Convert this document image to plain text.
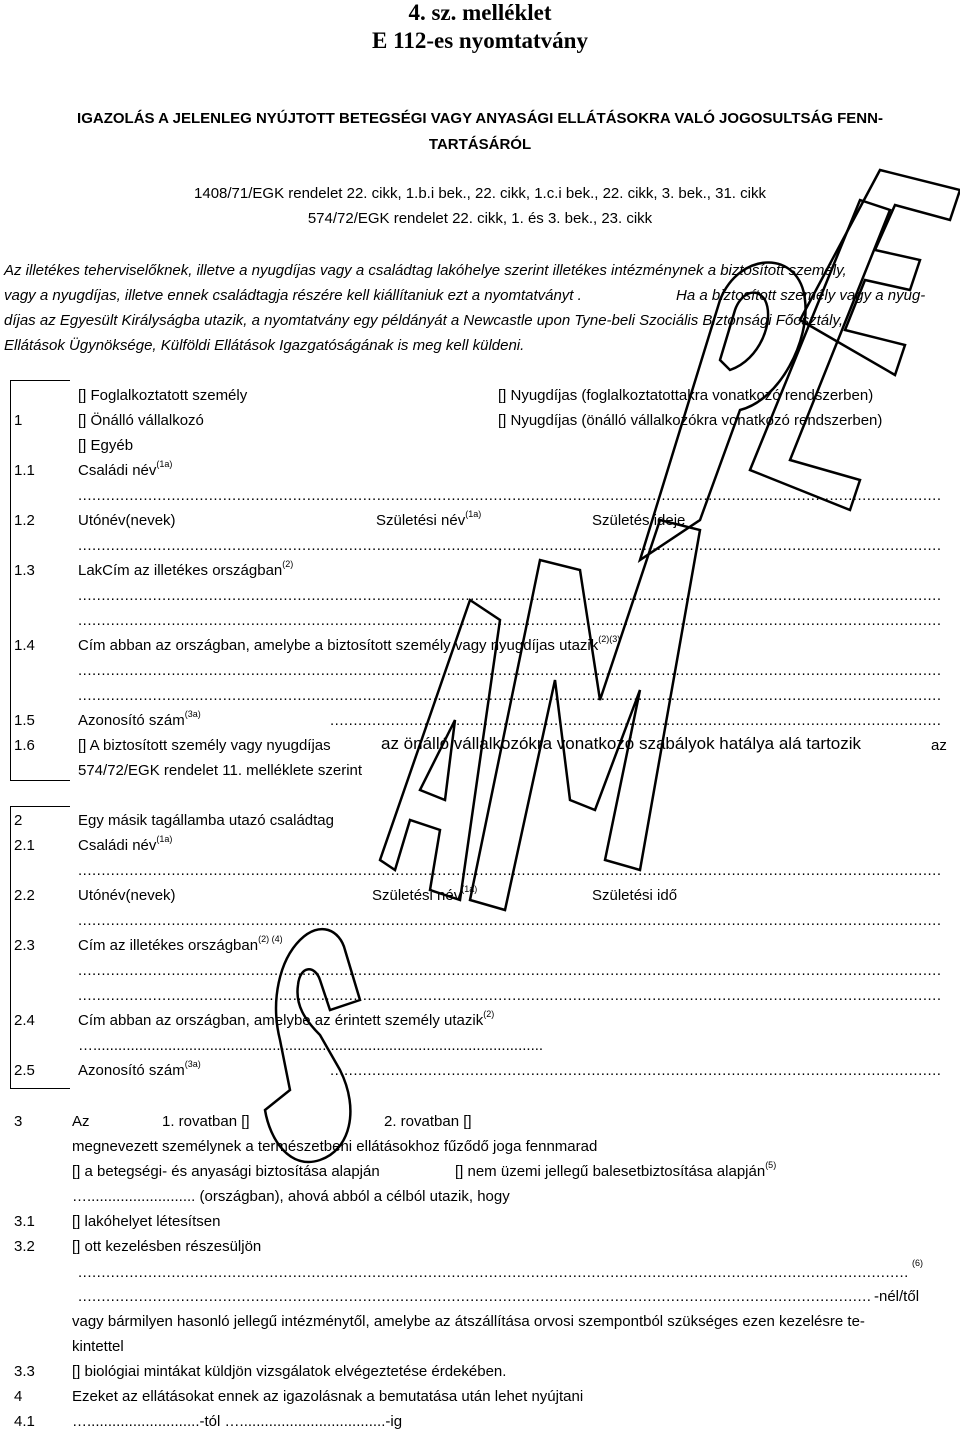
4. sz. melléklet
E 112-es nyomtatvány
IGAZOLÁS A JELENLEG NYÚJTOTT BETEGSÉGI VAGY ANYASÁGI ELLÁTÁSOKRA VALÓ JOGOSULTSÁG FENN-
TARTÁSÁRÓL
1408/71/EGK rendelet 22. cikk, 1.b.i bek., 22. cikk, 1.c.i bek., 22. cikk, 3. bek., 31. cikk
574/72/EGK rendelet 22. cikk, 1. és 3. bek., 23. cikk
Az illetékes teherviselőknek, illetve a nyugdíjas vagy a családtag lakóhelye szerint illetékes intézménynek a biztosított személy,
vagy a nyugdíjas, illetve ennek családtagja részére kell kiállítaniuk ezt a nyomtatványt .	Ha a biztosított személy vagy a nyug-
díjas az Egyesült Királyságba utazik, a nyomtatvány egy példányát a Newcastle upon Tyne-beli Szociális Biztonsági Főosztály,
Ellátások Ügynöksége, Külföldi Ellátások Igazgatóságának is meg kell küldeni.
[] Foglalkoztatott személy	[] Nyugdíjas (foglalkoztatottakra vonatkozó rendszerben)
1	[] Önálló vállalkozó	[] Nyugdíjas (önálló vállalkozókra vonatkozó rendszerben)
[] Egyéb
1.1	Családi név$^{(1a)}$
.....
1.2	Utónév(nevek)	Születési név$^{(1a)}$	Születés ideje
.....
1.3	LakCím az illetékes országban$^{(2)}$
.....
.....
1.4	Cím abban az országban, amelybe a biztosított személy vagy nyugdíjas utazik$^{(2)(3)}$
.....
.....
1.5	Azonosító szám$^{(3a)}$
.....
1.6	[] A biztosított személy vagy nyugdíjas	az önálló vállalkozókra vonatkozó szabályok hatálya alá tartozik	az
574/72/EGK rendelet 11. melléklete szerint
2	Egy másik tagállamba utazó családtag
2.1	Családi név$^{(1a)}$
.....
2.2	Utónév(nevek)	Születési név$^{(1a)}$	Születési idő
.....
2.3	Cím az illetékes országban$^{(2) (4)}$
.....
.....
2.4	Cím abban az országban, amelybe az érintett személy utazik$^{(2)}$
…............................................................................................................
2.5	Azonosító szám$^{(3a)}$
.....
3	Az	1. rovatban []	2. rovatban []
megnevezett személynek a természetbeni ellátásokhoz fűződő joga fennmarad
[] a betegségi- és anyasági biztosítása alapján	[] nem üzemi jellegű balesetbiztosítása alapján$^{(5)}$
….......................... (országban), ahová abból a célból utazik, hogy
3.1 [] lakóhelyet létesítsen
3.2 [] ott kezelésben részesüljön
.....
(6)
.....
-nél/től
vagy bármilyen hasonló jellegű intézménytől, amelybe az átszállítása orvosi szempontból szükséges ezen kezelésre te-
kintettel
3.3 [] biológiai mintákat küldjön vizsgálatok elvégeztetése érdekében.
4	Ezeket az ellátásokat ennek az igazolásnak a bemutatása után lehet nyújtani
4.1 …...........................-tól …...................................-ig
